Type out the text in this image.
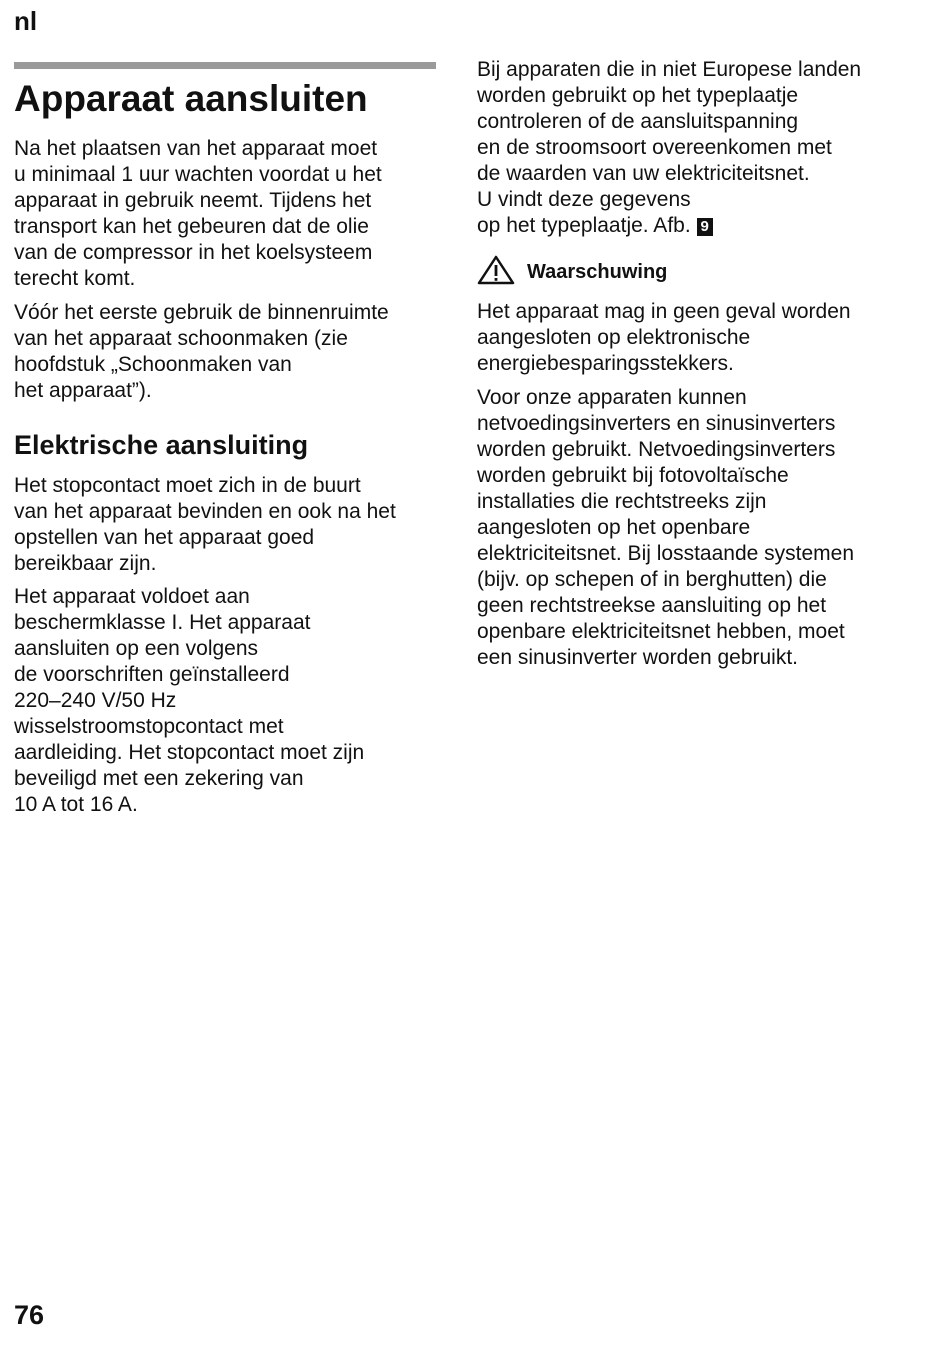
nl
Apparaat aansluiten

Na het plaatsen van het apparaat moet
u minimaal 1 uur wachten voordat u het
apparaat in gebruik neemt. Tijdens het
transport kan het gebeuren dat de olie
van de compressor in het koelsysteem
terecht komt.

Vóór het eerste gebruik de binnenruimte
van het apparaat schoonmaken (zie
hoofdstuk „Schoonmaken van
het apparaat”).

Elektrische aansluiting

Het stopcontact moet zich in de buurt
van het apparaat bevinden en ook na het
opstellen van het apparaat goed
bereikbaar zijn.

Het apparaat voldoet aan
beschermklasse I. Het apparaat
aansluiten op een volgens
de voorschriften geïnstalleerd
220–240 V/50 Hz
wisselstroomstopcontact met
aardleiding. Het stopcontact moet zijn
beveiligd met een zekering van
10 A tot 16 A.

Bij apparaten die in niet Europese landen
worden gebruikt op het typeplaatje
controleren of de aansluitspanning
en de stroomsoort overeenkomen met
de waarden van uw elektriciteitsnet.
U vindt deze gegevens
op het typeplaatje. Afb. 9

Waarschuwing

Het apparaat mag in geen geval worden
aangesloten op elektronische
energiebesparingsstekkers.

Voor onze apparaten kunnen
netvoedingsinverters en sinusinverters
worden gebruikt. Netvoedingsinverters
worden gebruikt bij fotovoltaïsche
installaties die rechtstreeks zijn
aangesloten op het openbare
elektriciteitsnet. Bij losstaande systemen
(bijv. op schepen of in berghutten) die
geen rechtstreekse aansluiting op het
openbare elektriciteitsnet hebben, moet
een sinusinverter worden gebruikt.

76
